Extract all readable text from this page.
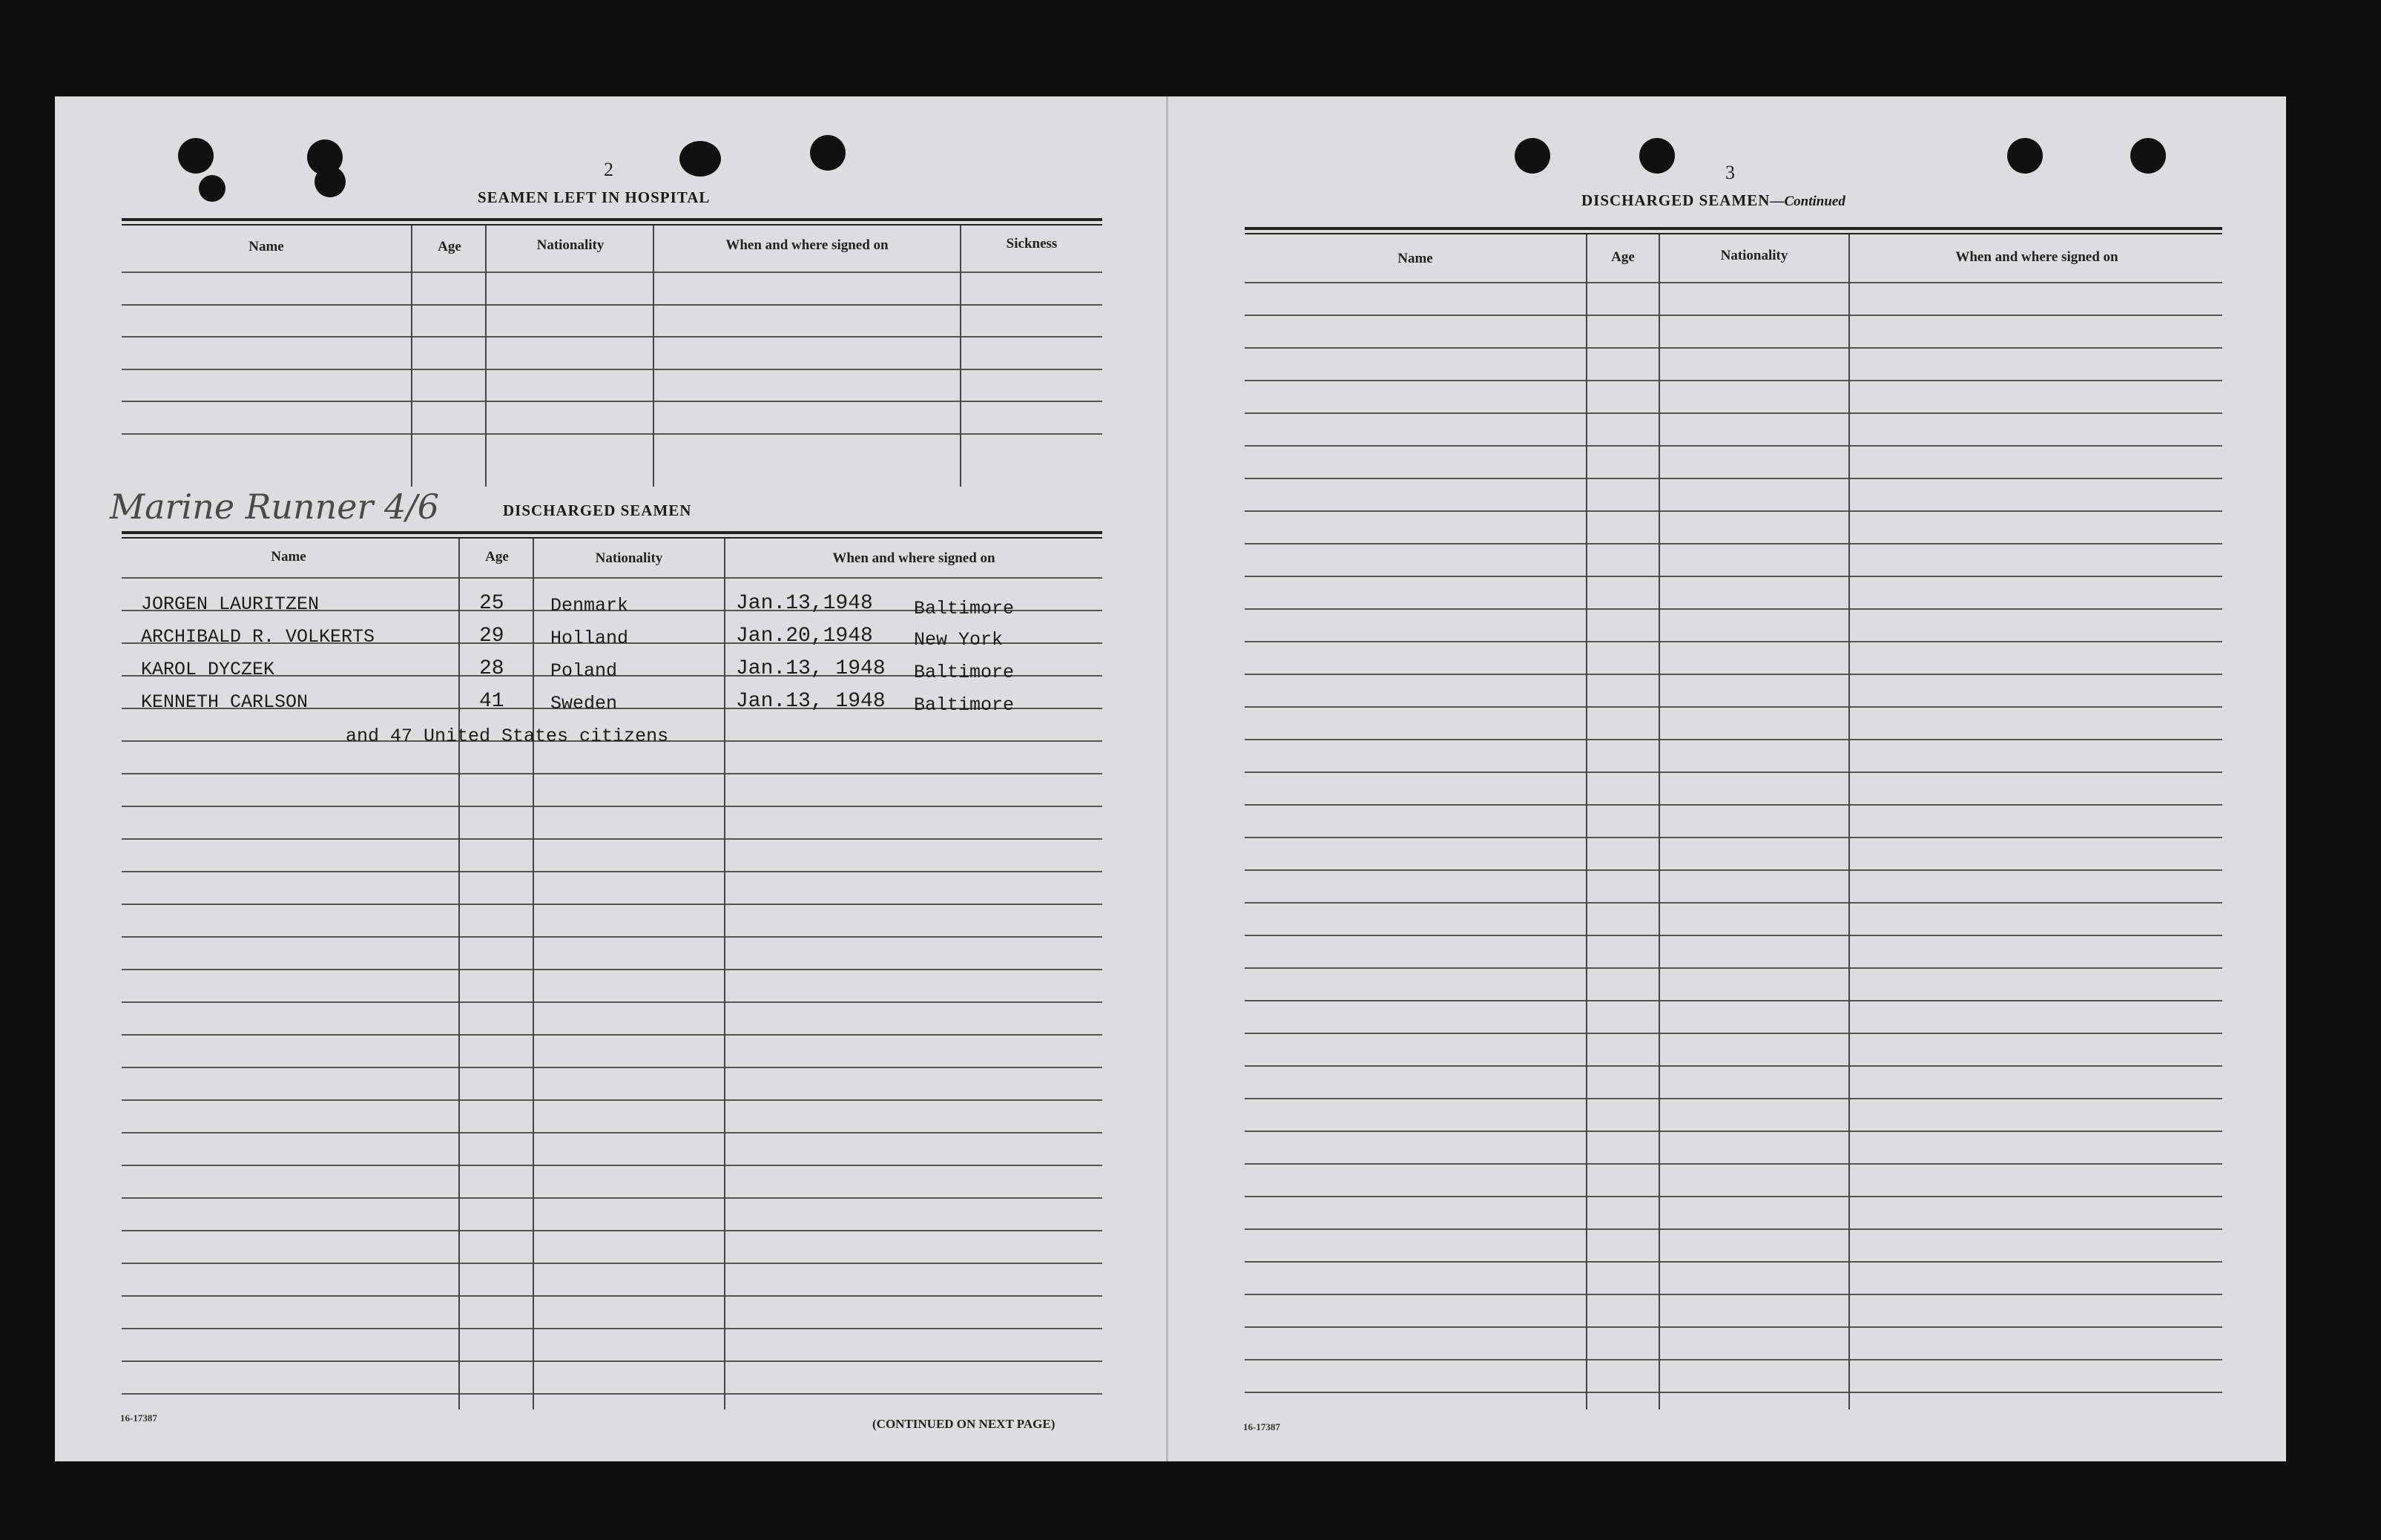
2
SEAMEN LEFT IN HOSPITAL
Name	Age	Nationality	When and where signed on	Sickness
Marine Runner 4/6	DISCHARGED SEAMEN
Name	Age	Nationality	When and where signed on
JORGEN LAURITZEN	25 Denmark	Jan.13,1948 Baltimore
ARCHIBALD R. VOLKERTS	29 Holland	Jan.20,1948 New York
KAROL DYCZEK	28 Poland	Jan.13, 1948 Baltimore
KENNETH CARLSON	41 Sweden	Jan.13, 1948 Baltimore
and 47 United States citizens
16-17387	(CONTINUED ON NEXT PAGE)
3
DISCHARGED SEAMEN—Continued
Name	Age	Nationality	When and where signed on
16-17387
